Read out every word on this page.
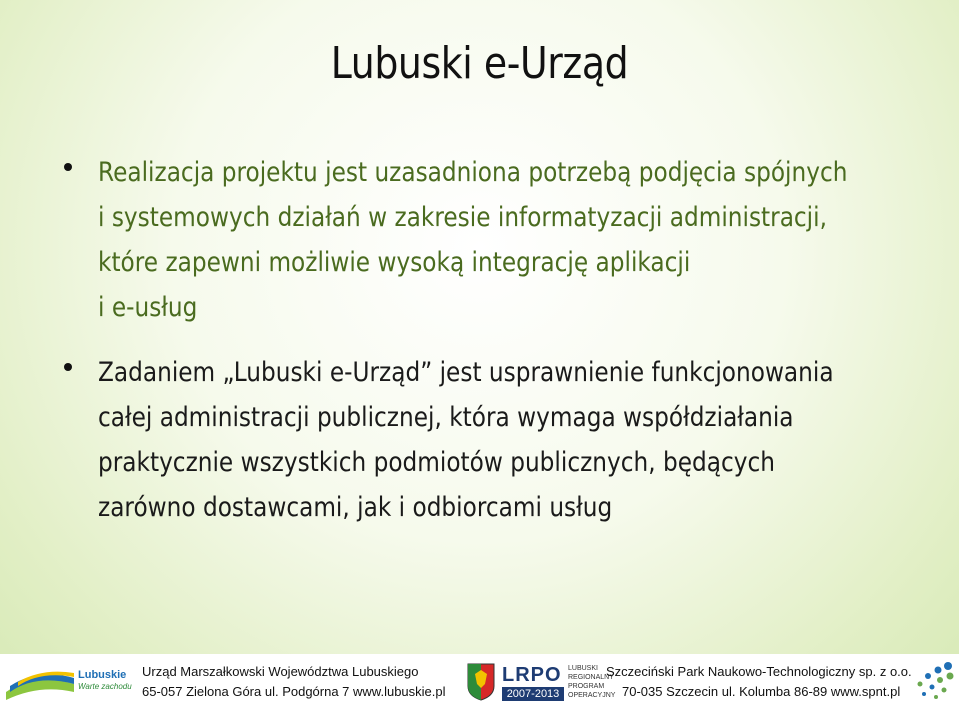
Lubuski e-Urząd
Realizacja projektu jest uzasadniona potrzebą podjęcia spójnych
i systemowych działań w zakresie informatyzacji administracji,
które zapewni możliwie wysoką integrację aplikacji
i e-usług
Zadaniem „Lubuski e-Urząd” jest usprawnienie funkcjonowania
całej administracji publicznej, która wymaga współdziałania
praktycznie wszystkich podmiotów publicznych, będących
zarówno dostawcami, jak i odbiorcami usług
Lubuskie
Warte zachodu
Urząd Marszałkowski Województwa Lubuskiego
65-057 Zielona Góra ul. Podgórna 7 www.lubuskie.pl
LRPO
2007-2013
LUBUSKI
REGIONALNY
PROGRAM
OPERACYJNY
Szczeciński Park Naukowo-Technologiczny sp. z o.o.
70-035 Szczecin ul. Kolumba 86-89 www.spnt.pl
